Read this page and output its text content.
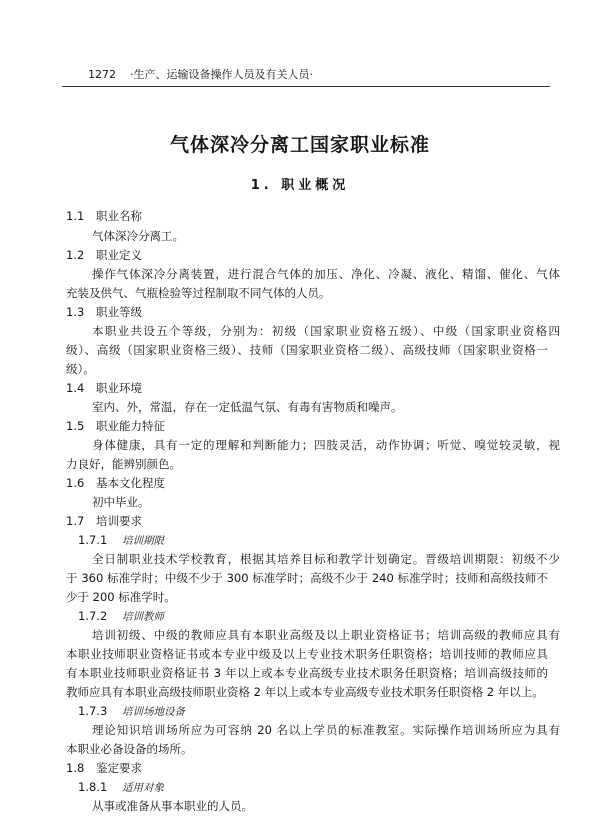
1272 ·生产、运输设备操作人员及有关人员·
气体深冷分离工国家职业标准
1. 职业概况
1.1 职业名称
气体深冷分离工。
1.2 职业定义
操作气体深冷分离装置，进行混合气体的加压、净化、冷凝、液化、精馏、催化、气体
充装及供气、气瓶检验等过程制取不同气体的人员。
1.3 职业等级
本职业共设五个等级，分别为：初级（国家职业资格五级）、中级（国家职业资格四
级）、高级（国家职业资格三级）、技师（国家职业资格二级）、高级技师（国家职业资格一
级）。
1.4 职业环境
室内、外，常温，存在一定低温气氛、有毒有害物质和噪声。
1.5 职业能力特征
身体健康，具有一定的理解和判断能力；四肢灵活，动作协调；听觉、嗅觉较灵敏，视
力良好，能辨别颜色。
1.6 基本文化程度
初中毕业。
1.7 培训要求
1.7.1 培训期限
全日制职业技术学校教育，根据其培养目标和教学计划确定。晋级培训期限：初级不少
于 360 标准学时；中级不少于 300 标准学时；高级不少于 240 标准学时；技师和高级技师不
少于 200 标准学时。
1.7.2 培训教师
培训初级、中级的教师应具有本职业高级及以上职业资格证书；培训高级的教师应具有
本职业技师职业资格证书或本专业中级及以上专业技术职务任职资格；培训技师的教师应具
有本职业技师职业资格证书 3 年以上或本专业高级专业技术职务任职资格；培训高级技师的
教师应具有本职业高级技师职业资格 2 年以上或本专业高级专业技术职务任职资格 2 年以上。
1.7.3 培训场地设备
理论知识培训场所应为可容纳 20 名以上学员的标准教室。实际操作培训场所应为具有
本职业必备设备的场所。
1.8 鉴定要求
1.8.1 适用对象
从事或准备从事本职业的人员。
